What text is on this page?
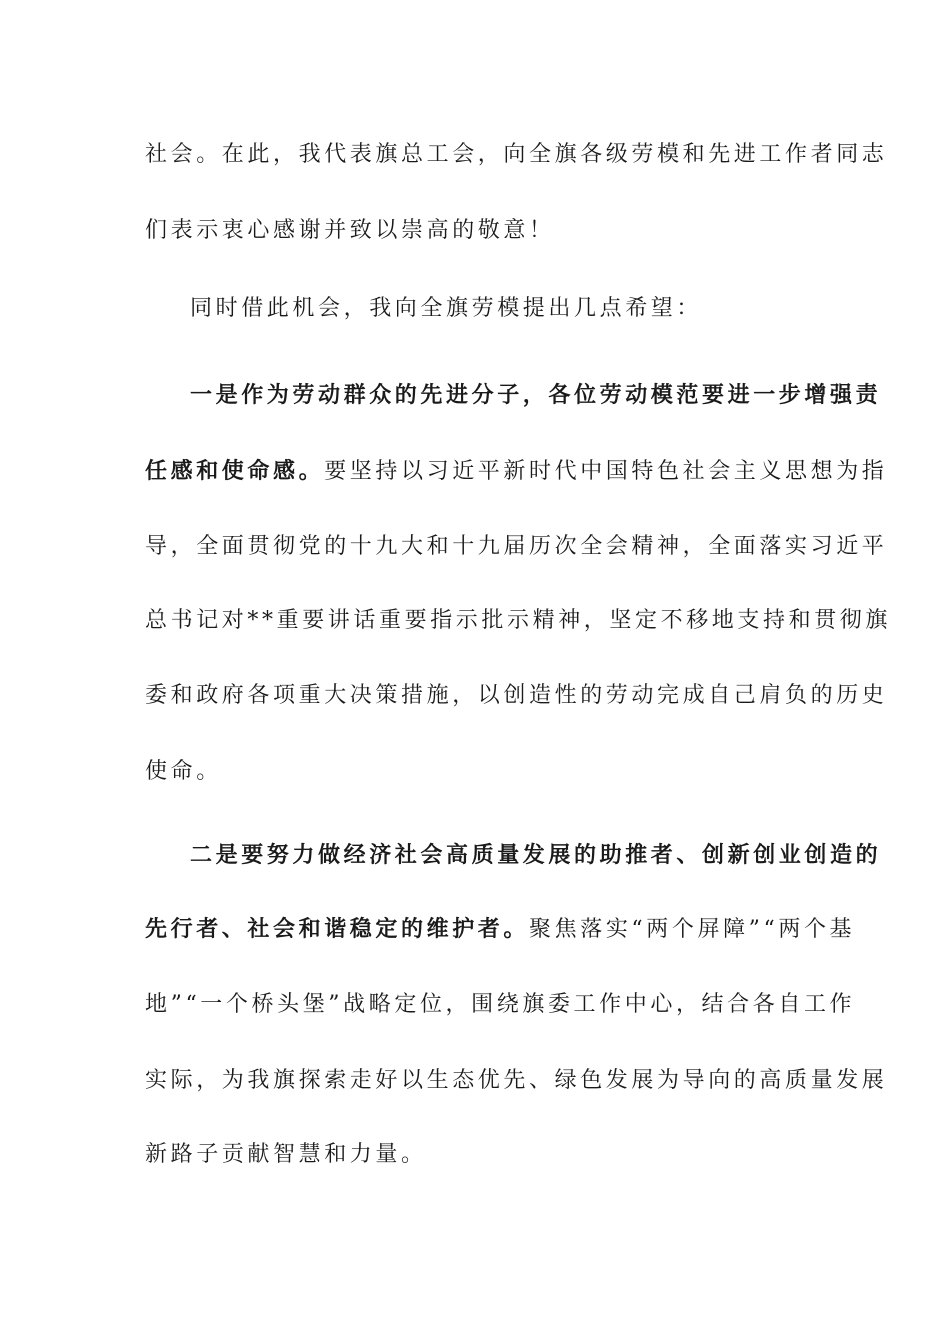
社会。在此，我代表旗总工会，向全旗各级劳模和先进工作者同志
们表示衷心感谢并致以崇高的敬意！
同时借此机会，我向全旗劳模提出几点希望：
一是作为劳动群众的先进分子，各位劳动模范要进一步增强责
任感和使命感。要坚持以习近平新时代中国特色社会主义思想为指
导，全面贯彻党的十九大和十九届历次全会精神，全面落实习近平
总书记对**重要讲话重要指示批示精神，坚定不移地支持和贯彻旗
委和政府各项重大决策措施，以创造性的劳动完成自己肩负的历史
使命。
二是要努力做经济社会高质量发展的助推者、创新创业创造的
先行者、社会和谐稳定的维护者。聚焦落实“两个屏障”“两个基
地”“一个桥头堡”战略定位，围绕旗委工作中心，结合各自工作
实际，为我旗探索走好以生态优先、绿色发展为导向的高质量发展
新路子贡献智慧和力量。
